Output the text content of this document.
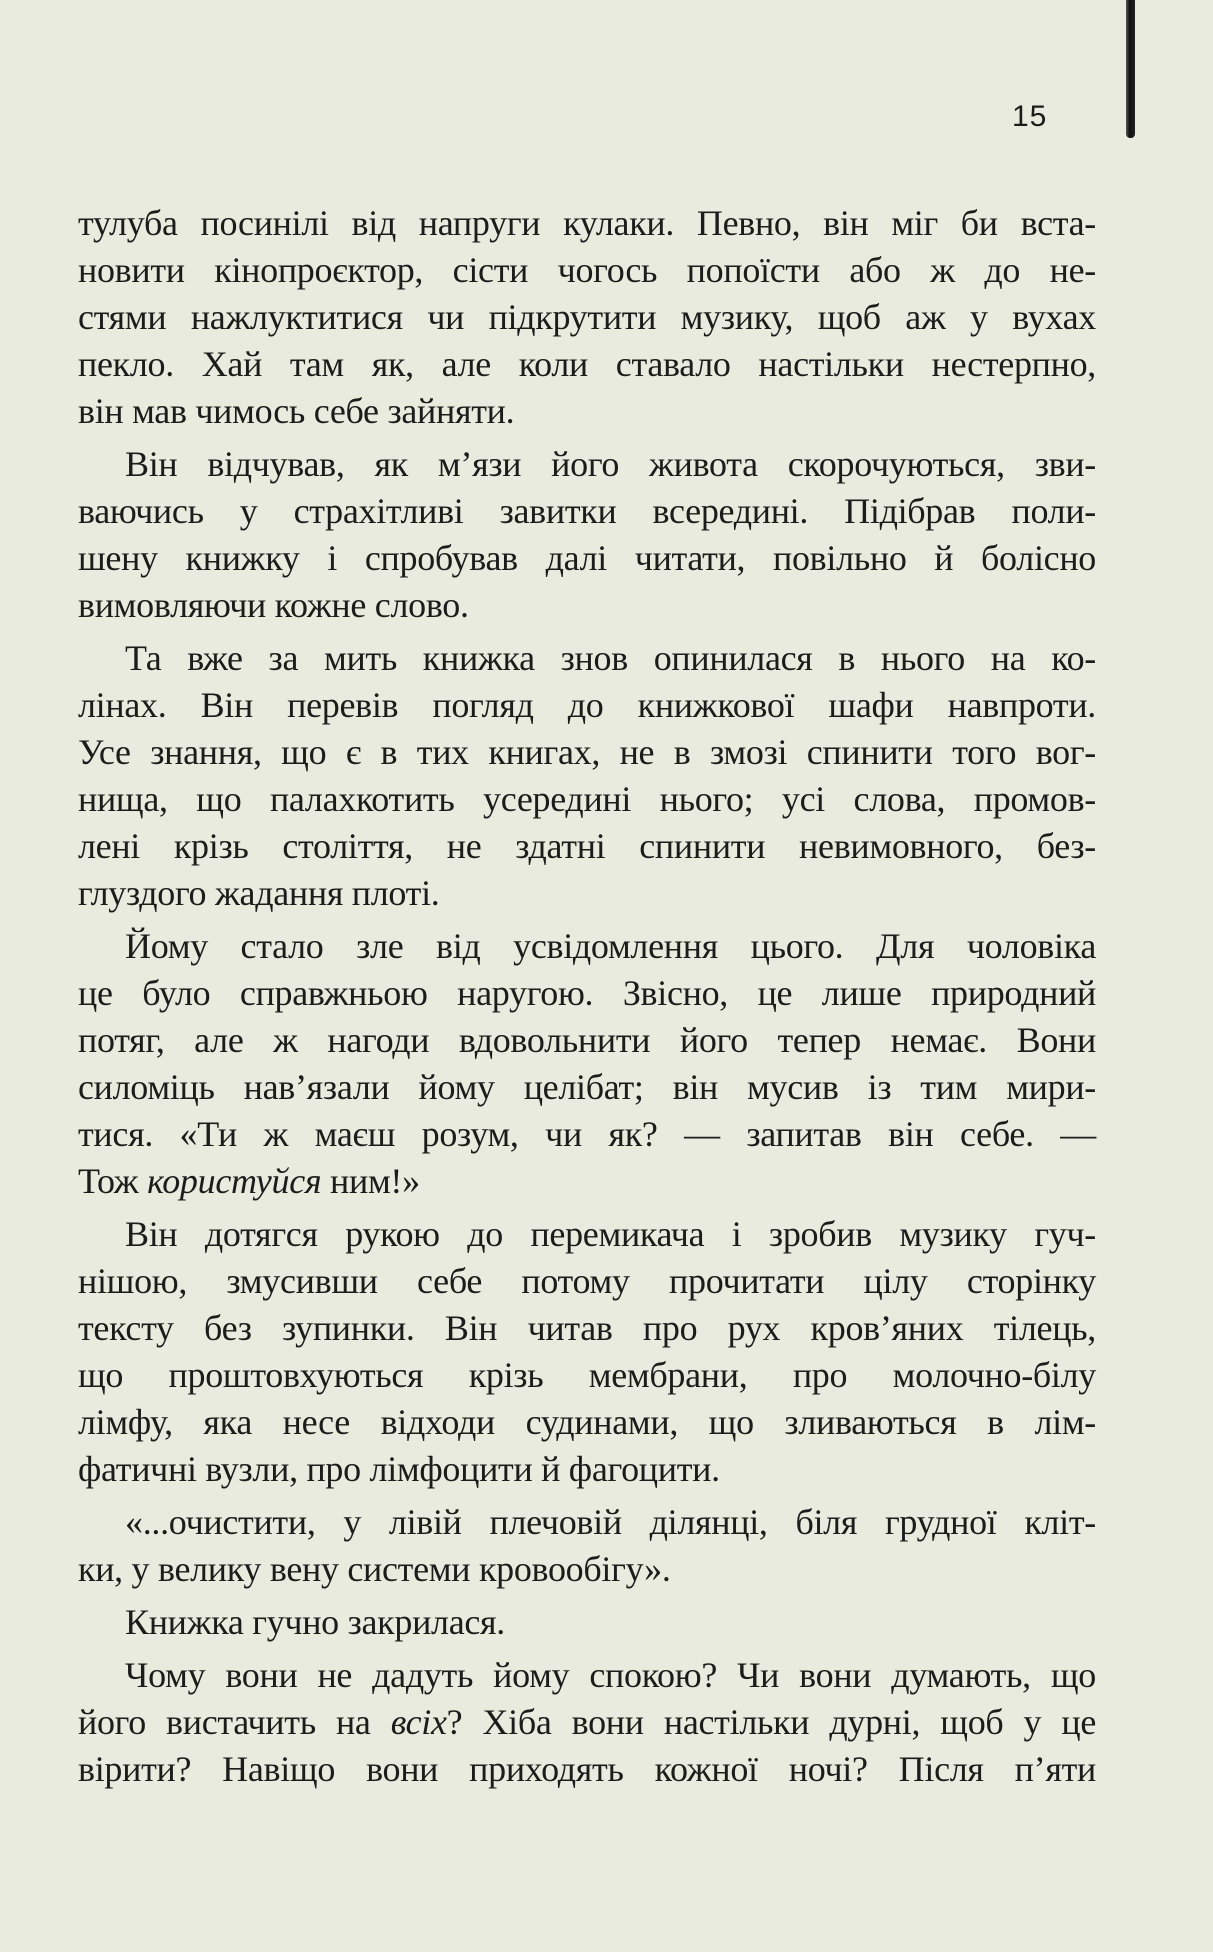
15
тулуба посинілі від напруги кулаки. Певно, він міг би вста-
новити кінопроєктор, сісти чогось попоїсти або ж до не-
стями нажлуктитися чи підкрутити музику, щоб аж у вухах
пекло. Хай там як, але коли ставало настільки нестерпно,
він мав чимось себе зайняти.
Він відчував, як м’язи його живота скорочуються, зви-
ваючись у страхітливі завитки всередині. Підібрав поли-
шену книжку і спробував далі читати, повільно й болісно
вимовляючи кожне слово.
Та вже за мить книжка знов опинилася в нього на ко-
лінах. Він перевів погляд до книжкової шафи навпроти.
Усе знання, що є в тих книгах, не в змозі спинити того вог-
нища, що палахкотить усередині нього; усі слова, промов-
лені крізь століття, не здатні спинити невимовного, без-
глуздого жадання плоті.
Йому стало зле від усвідомлення цього. Для чоловіка
це було справжньою наругою. Звісно, це лише природний
потяг, але ж нагоди вдовольнити його тепер немає. Вони
силоміць нав’язали йому целібат; він мусив із тим мири-
тися. «Ти ж маєш розум, чи як? — запитав він себе. —
Тож користуйся ним!»
Він дотягся рукою до перемикача і зробив музику гуч-
нішою, змусивши себе потому прочитати цілу сторінку
тексту без зупинки. Він читав про рух кров’яних тілець,
що проштовхуються крізь мембрани, про молочно-білу
лімфу, яка несе відходи судинами, що зливаються в лім-
фатичні вузли, про лімфоцити й фагоцити.
«...очистити, у лівій плечовій ділянці, біля грудної кліт-
ки, у велику вену системи кровообігу».
Книжка гучно закрилася.
Чому вони не дадуть йому спокою? Чи вони думають, що
його вистачить на всіх? Хіба вони настільки дурні, щоб у це
вірити? Навіщо вони приходять кожної ночі? Після п’яти
